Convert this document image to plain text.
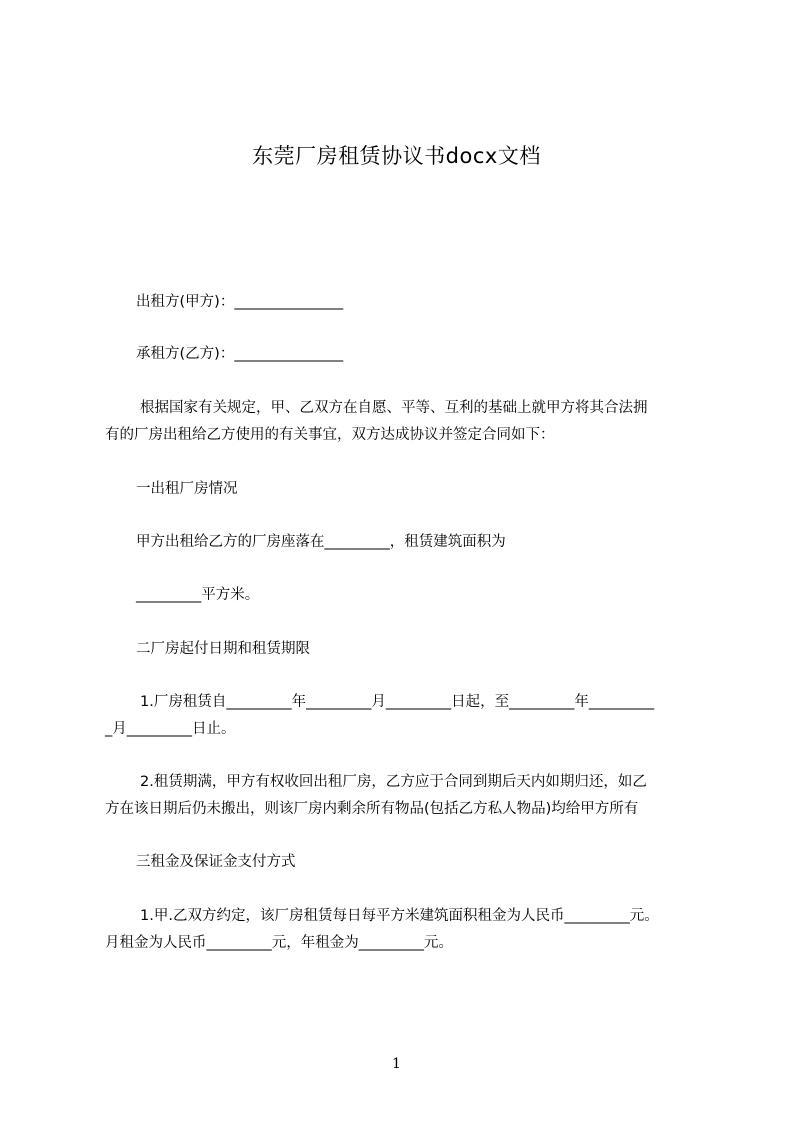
东莞厂房租赁协议书docx文档
出租方(甲方)：_______________
承租方(乙方)：_______________
根据国家有关规定，甲、乙双方在自愿、平等、互利的基础上就甲方将其合法拥
有的厂房出租给乙方使用的有关事宜，双方达成协议并签定合同如下：
一出租厂房情况
甲方出租给乙方的厂房座落在_________，租赁建筑面积为
_________平方米。
二厂房起付日期和租赁期限
1.厂房租赁自_________年_________月_________日起，至_________年_________
_月_________日止。
2.租赁期满，甲方有权收回出租厂房，乙方应于合同到期后天内如期归还，如乙
方在该日期后仍未搬出，则该厂房内剩余所有物品(包括乙方私人物品)均给甲方所有
三租金及保证金支付方式
1.甲.乙双方约定，该厂房租赁每日每平方米建筑面积租金为人民币_________元。
月租金为人民币_________元，年租金为_________元。
1
